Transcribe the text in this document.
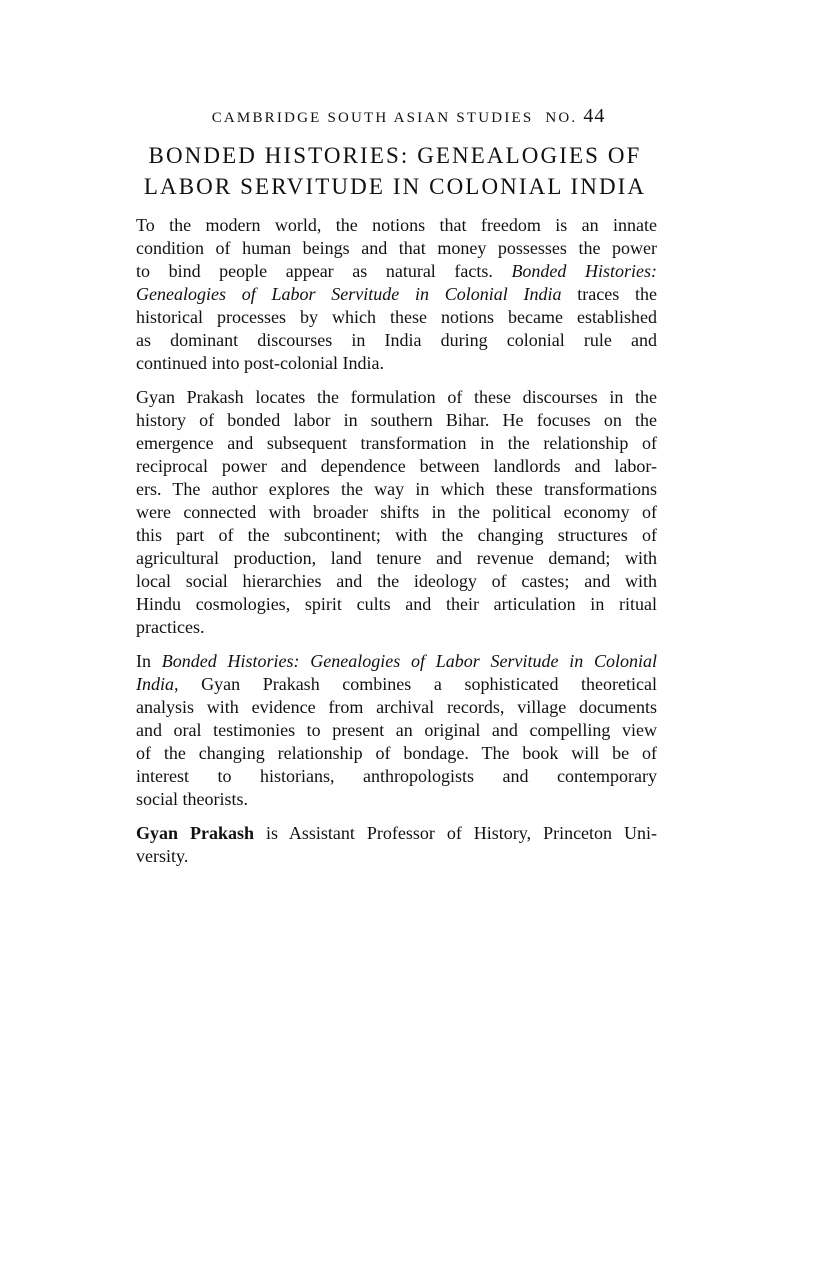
CAMBRIDGE SOUTH ASIAN STUDIES NO. 44
BONDED HISTORIES: GENEALOGIES OF
LABOR SERVITUDE IN COLONIAL INDIA

To the modern world, the notions that freedom is an innate
condition of human beings and that money possesses the power
to bind people appear as natural facts. Bonded Histories:
Genealogies of Labor Servitude in Colonial India traces the
historical processes by which these notions became established
as dominant discourses in India during colonial rule and
continued into post-colonial India.

Gyan Prakash locates the formulation of these discourses in the
history of bonded labor in southern Bihar. He focuses on the
emergence and subsequent transformation in the relationship of
reciprocal power and dependence between landlords and labor-
ers. The author explores the way in which these transformations
were connected with broader shifts in the political economy of
this part of the subcontinent; with the changing structures of
agricultural production, land tenure and revenue demand; with
local social hierarchies and the ideology of castes; and with
Hindu cosmologies, spirit cults and their articulation in ritual
practices.

In Bonded Histories: Genealogies of Labor Servitude in Colonial
India, Gyan Prakash combines a sophisticated theoretical
analysis with evidence from archival records, village documents
and oral testimonies to present an original and compelling view
of the changing relationship of bondage. The book will be of
interest to historians, anthropologists and contemporary
social theorists.

Gyan Prakash is Assistant Professor of History, Princeton Uni-
versity.
